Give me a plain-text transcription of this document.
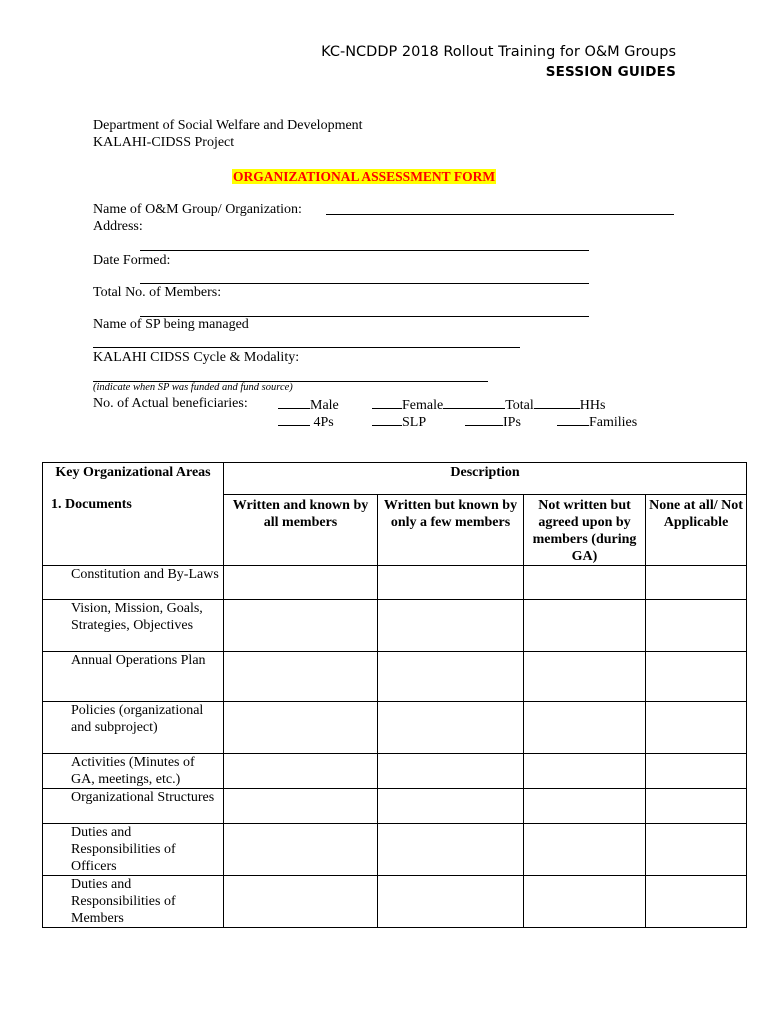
KC-NCDDP 2018 Rollout Training for O&M Groups
SESSION GUIDES
Department of Social Welfare and Development
KALAHI-CIDSS Project
ORGANIZATIONAL ASSESSMENT FORM
Name of O&M Group/ Organization:
Address:
Date Formed:
Total No. of Members:
Name of SP being managed
KALAHI CIDSS Cycle & Modality:
(indicate when SP was funded and fund source)
No. of Actual beneficiaries:	Male	Female	Total	HHs
4Ps	SLP	IPs	Families
Key Organizational Areas	Description			
1. Documents	Written and known by all members	Written but known by only a few members	Not written but agreed upon by members (during GA)	None at all/ Not Applicable
Constitution and By-Laws				
Vision, Mission, Goals, Strategies, Objectives				
Annual Operations Plan				
Policies (organizational and subproject)				
Activities (Minutes of GA, meetings, etc.)				
Organizational Structures				
Duties and Responsibilities of Officers				
Duties and Responsibilities of Members				
